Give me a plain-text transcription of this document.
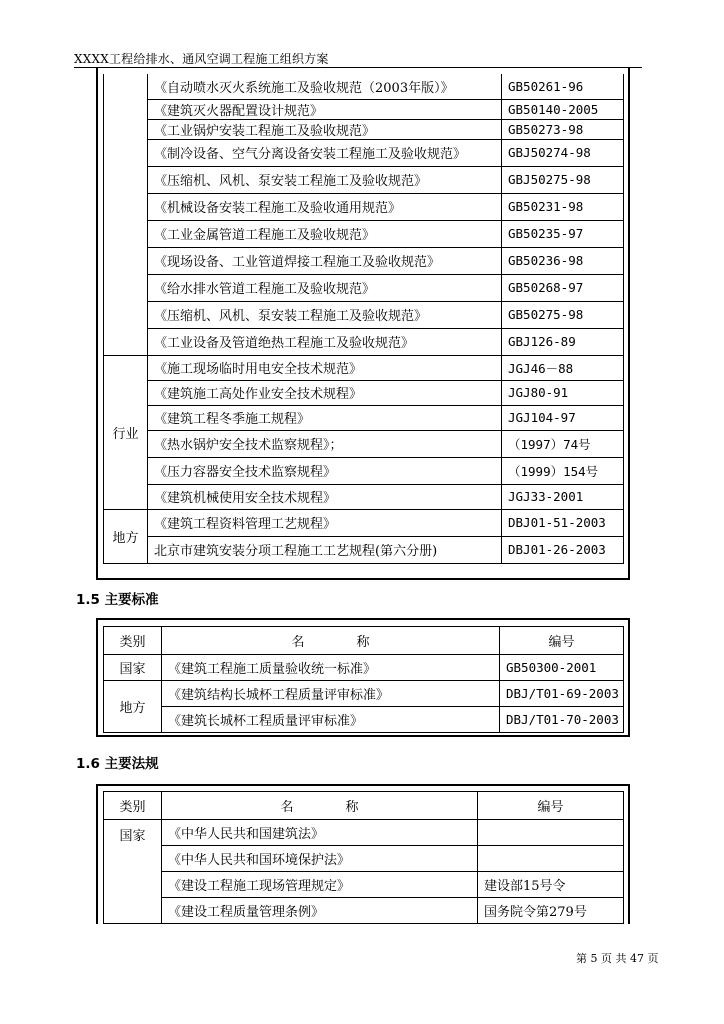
XXXX工程给排水、通风空调工程施工组织方案
	《自动喷水灭火系统施工及验收规范（2003年版）》	GB50261-96
	《建筑灭火器配置设计规范》	GB50140-2005
	《工业锅炉安装工程施工及验收规范》	GB50273-98
	《制冷设备、空气分离设备安装工程施工及验收规范》	GBJ50274-98
	《压缩机、风机、泵安装工程施工及验收规范》	GBJ50275-98
	《机械设备安装工程施工及验收通用规范》	GB50231-98
	《工业金属管道工程施工及验收规范》	GB50235-97
	《现场设备、工业管道焊接工程施工及验收规范》	GB50236-98
	《给水排水管道工程施工及验收规范》	GB50268-97
	《压缩机、风机、泵安装工程施工及验收规范》	GB50275-98
	《工业设备及管道绝热工程施工及验收规范》	GBJ126-89
行业	《施工现场临时用电安全技术规范》	JGJ46－88
	《建筑施工高处作业安全技术规程》	JGJ80-91
	《建筑工程冬季施工规程》	JGJ104-97
	《热水锅炉安全技术监察规程》；	（1997）74号
	《压力容器安全技术监察规程》	（1999）154号
	《建筑机械使用安全技术规程》	JGJ33-2001
地方	《建筑工程资料管理工艺规程》	DBJ01-51-2003
	北京市建筑安装分项工程施工工艺规程(第六分册)	DBJ01-26-2003
1.5 主要标准
类别	名　　　　称	编号
国家	《建筑工程施工质量验收统一标准》	GB50300-2001
地方	《建筑结构长城杯工程质量评审标准》	DBJ/T01-69-2003
	《建筑长城杯工程质量评审标准》	DBJ/T01-70-2003
1.6 主要法规
类别	名　　　　称	编号
国家	《中华人民共和国建筑法》	
	《中华人民共和国环境保护法》	
	《建设工程施工现场管理规定》	建设部15号令
	《建设工程质量管理条例》	国务院令第279号
第 5 页 共 47 页
